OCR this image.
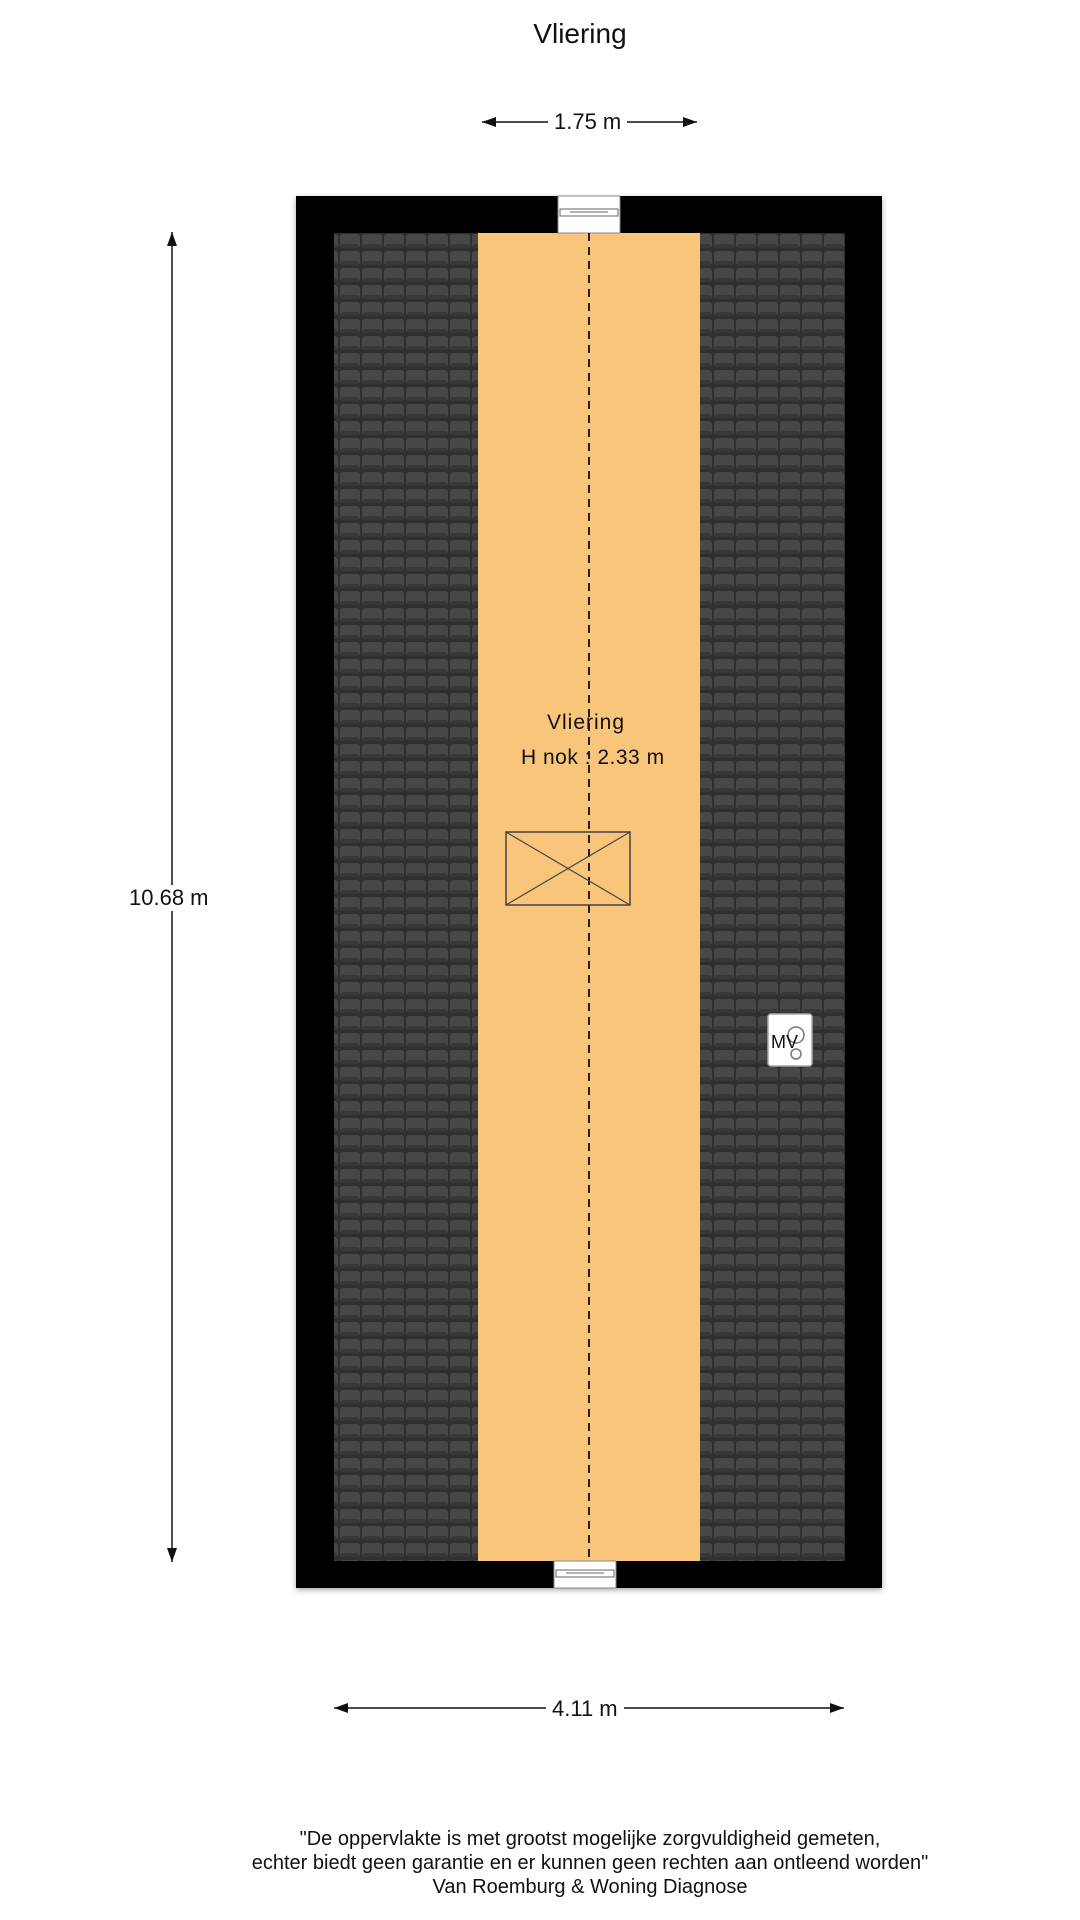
Vliering
1.75 m
10.68 m
4.11 m
Vliering
H nok : 2.33 m
MV
"De oppervlakte is met grootst mogelijke zorgvuldigheid gemeten,
echter biedt geen garantie en er kunnen geen rechten aan ontleend worden"
Van Roemburg & Woning Diagnose
